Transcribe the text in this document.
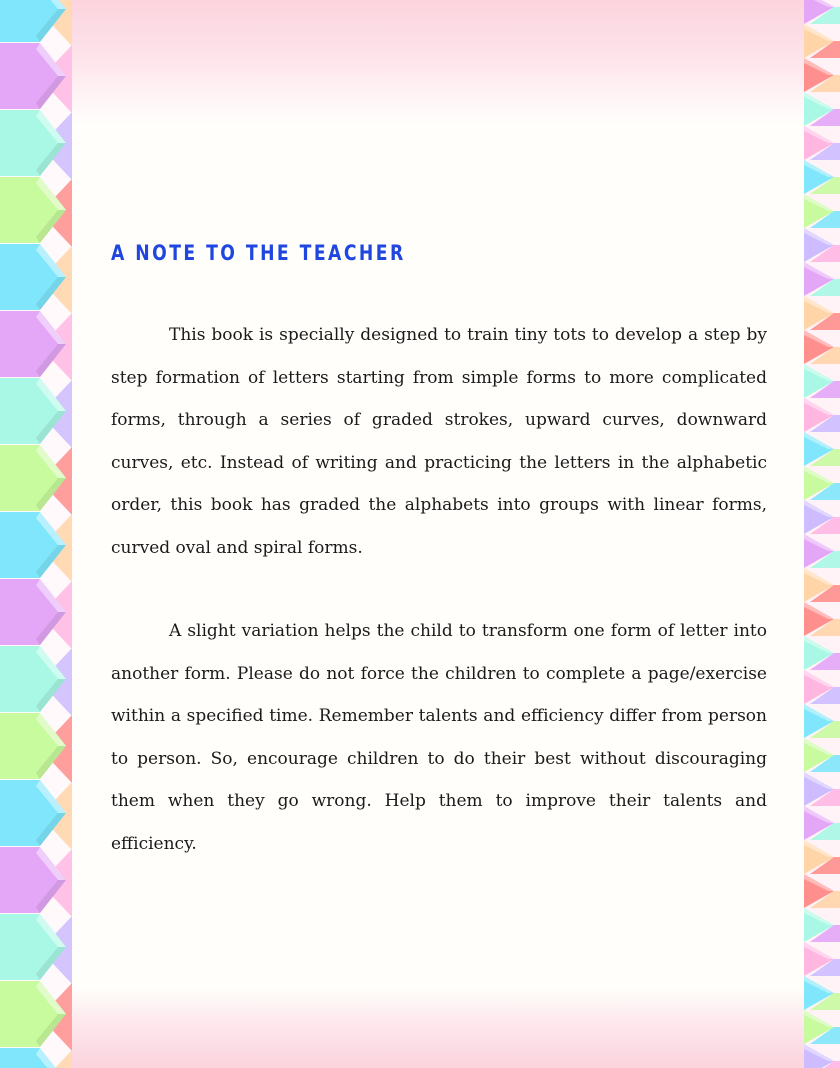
A NOTE TO THE TEACHER

This book is specially designed to train tiny tots to develop a step by step formation of letters starting from simple forms to more complicated forms, through a series of graded strokes, upward curves, downward curves, etc. Instead of writing and practicing the letters in the alphabetic order, this book has graded the alphabets into groups with linear forms, curved oval and spiral forms.

A slight variation helps the child to transform one form of letter into another form. Please do not force the children to complete a page/exercise within a specified time. Remember talents and efficiency differ from person to person. So, encourage children to do their best without discouraging them when they go wrong. Help them to improve their talents and efficiency.
